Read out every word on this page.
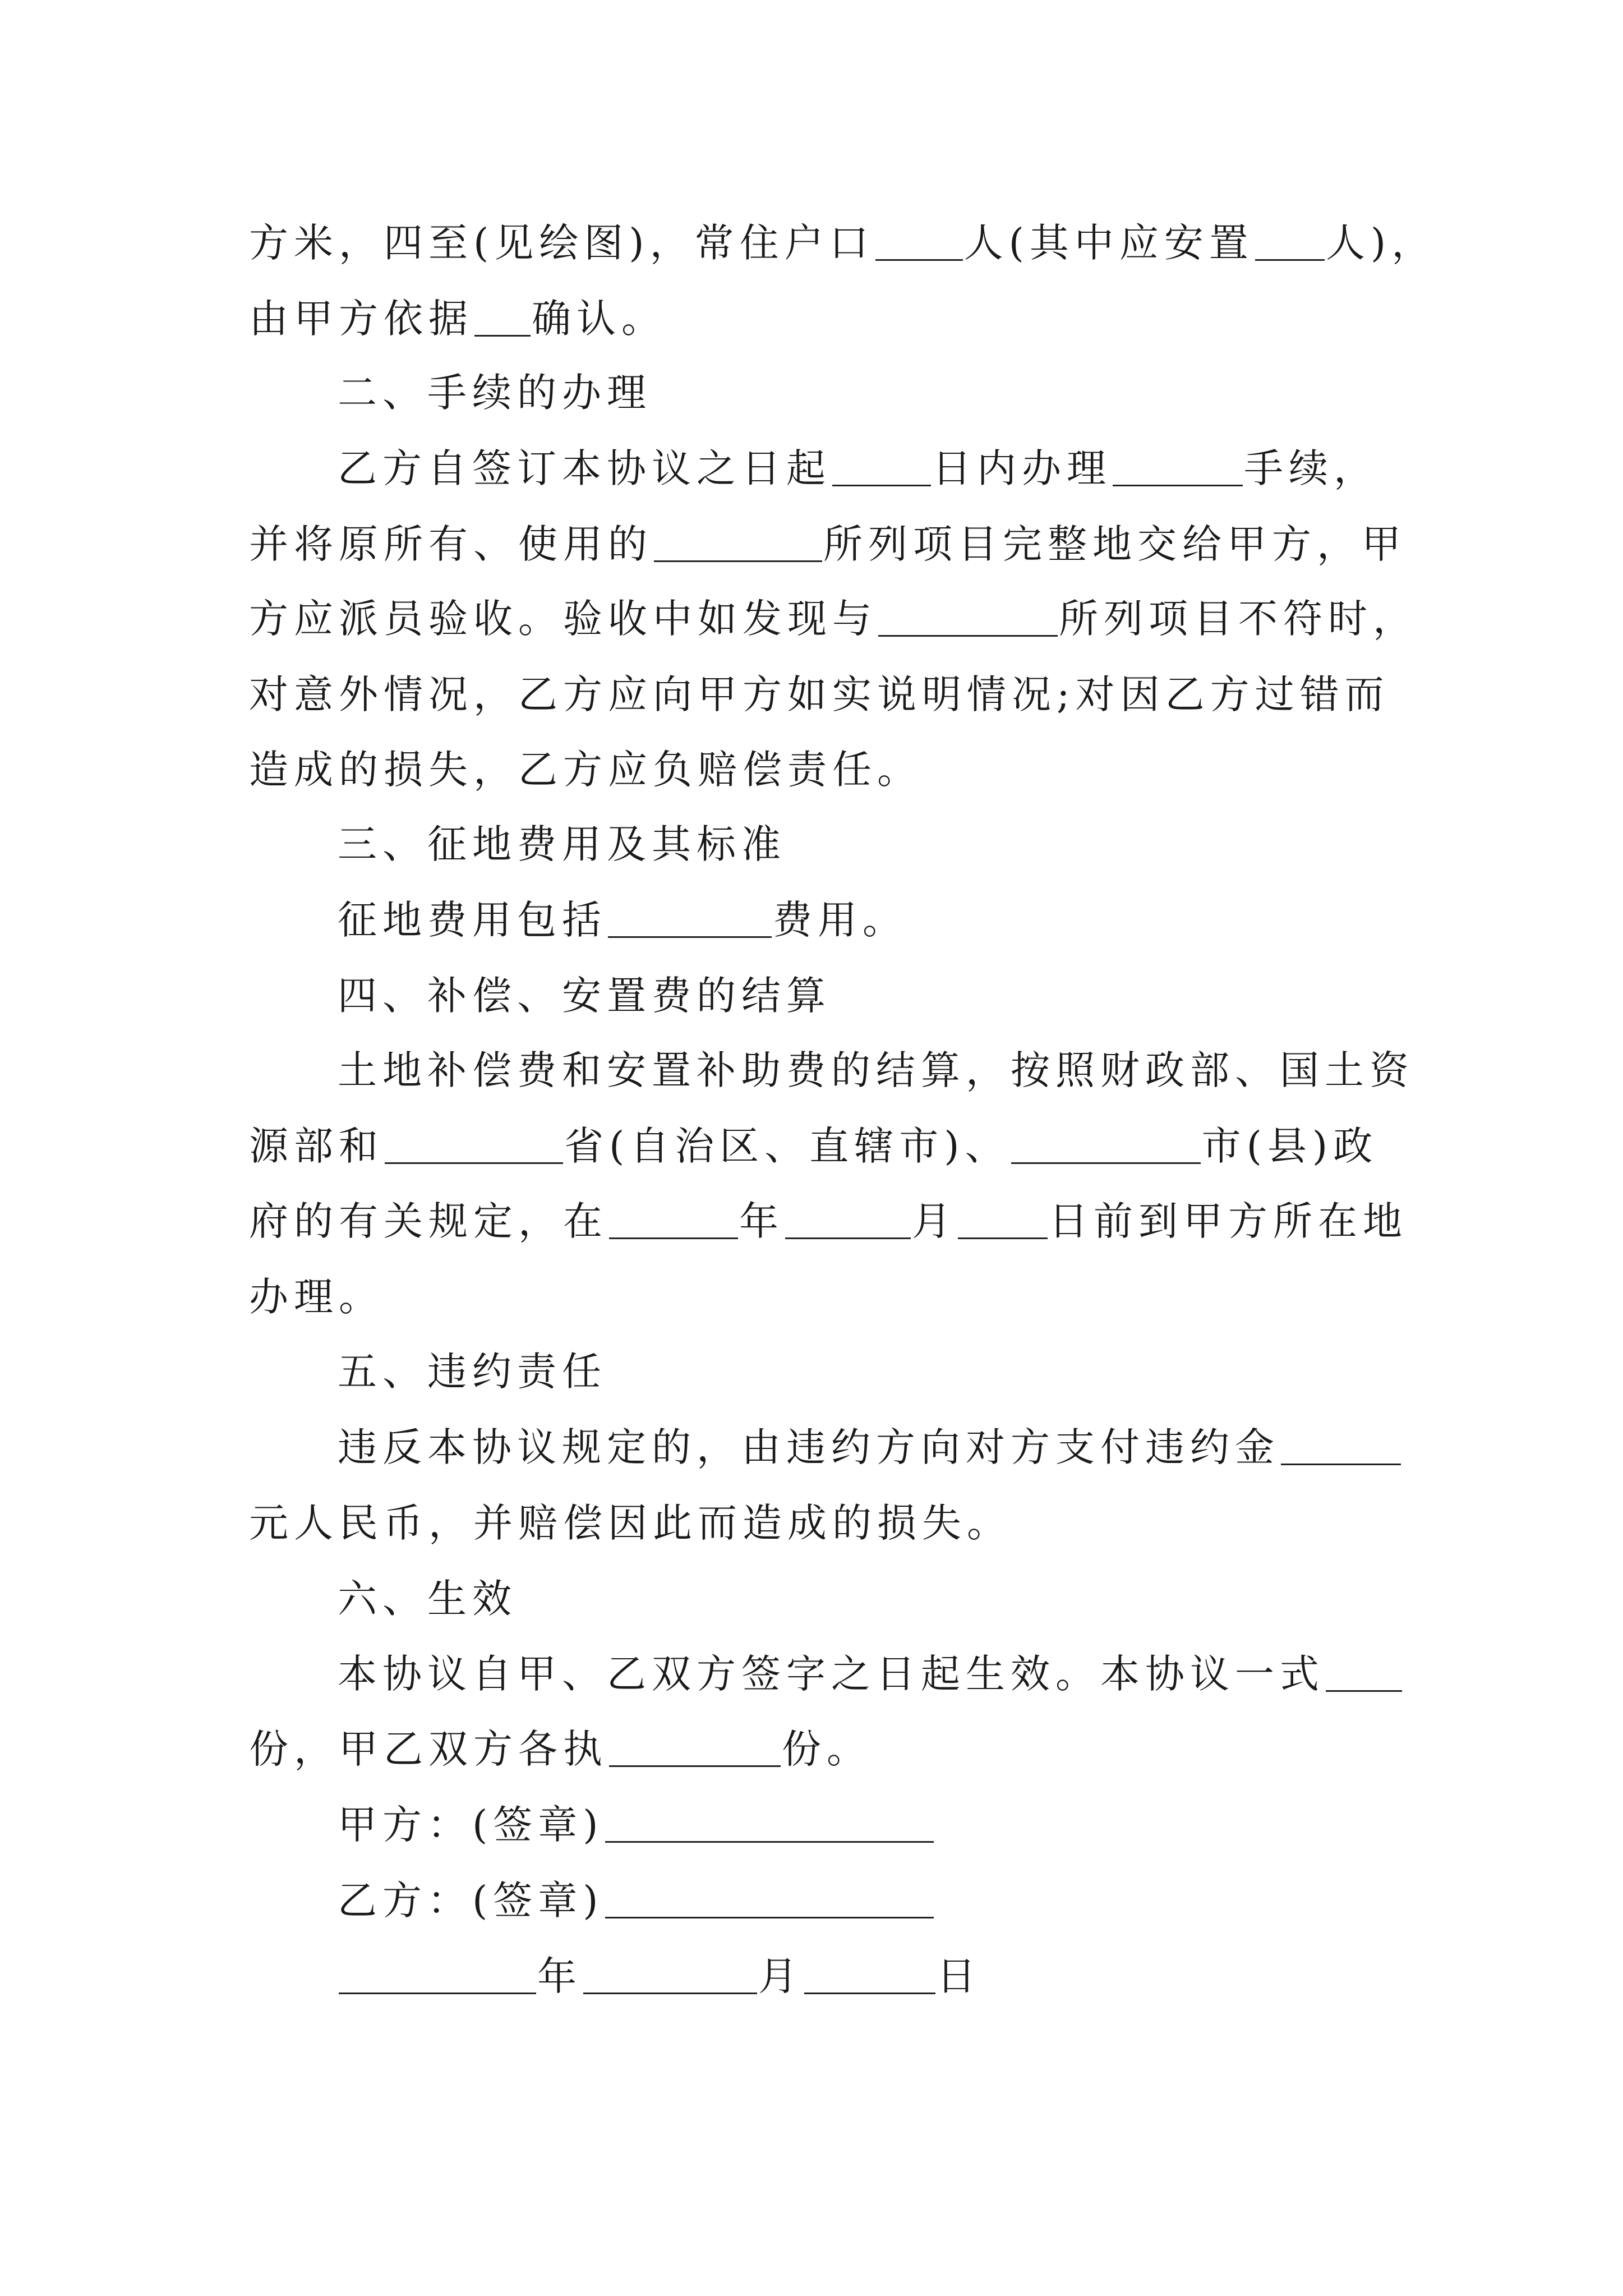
方米，四至(见绘图)，常住户口 人(其中应安置 人)，
由甲方依据 确认。
二、手续的办理
乙方自签订本协议之日起	日内办理	手续，
并将原所有、使用的	所列项目完整地交给甲方，甲
方应派员验收。验收中如发现与	所列项目不符时，
对意外情况，乙方应向甲方如实说明情况;对因乙方过错而
造成的损失，乙方应负赔偿责任。
三、征地费用及其标准
征地费用包括	费用。
四、补偿、安置费的结算
土地补偿费和安置补助费的结算，按照财政部、国土资
源部和	省(自治区、直辖市)、	市(县)政
府的有关规定，在	年	月 日前到甲方所在地
办理。
五、违约责任
违反本协议规定的，由违约方向对方支付违约金
元人民币，并赔偿因此而造成的损失。
六、生效
本协议自甲、乙双方签字之日起生效。本协议一式
份，甲乙双方各执	份。
甲方：(签章)
乙方：(签章)
年	月	日
